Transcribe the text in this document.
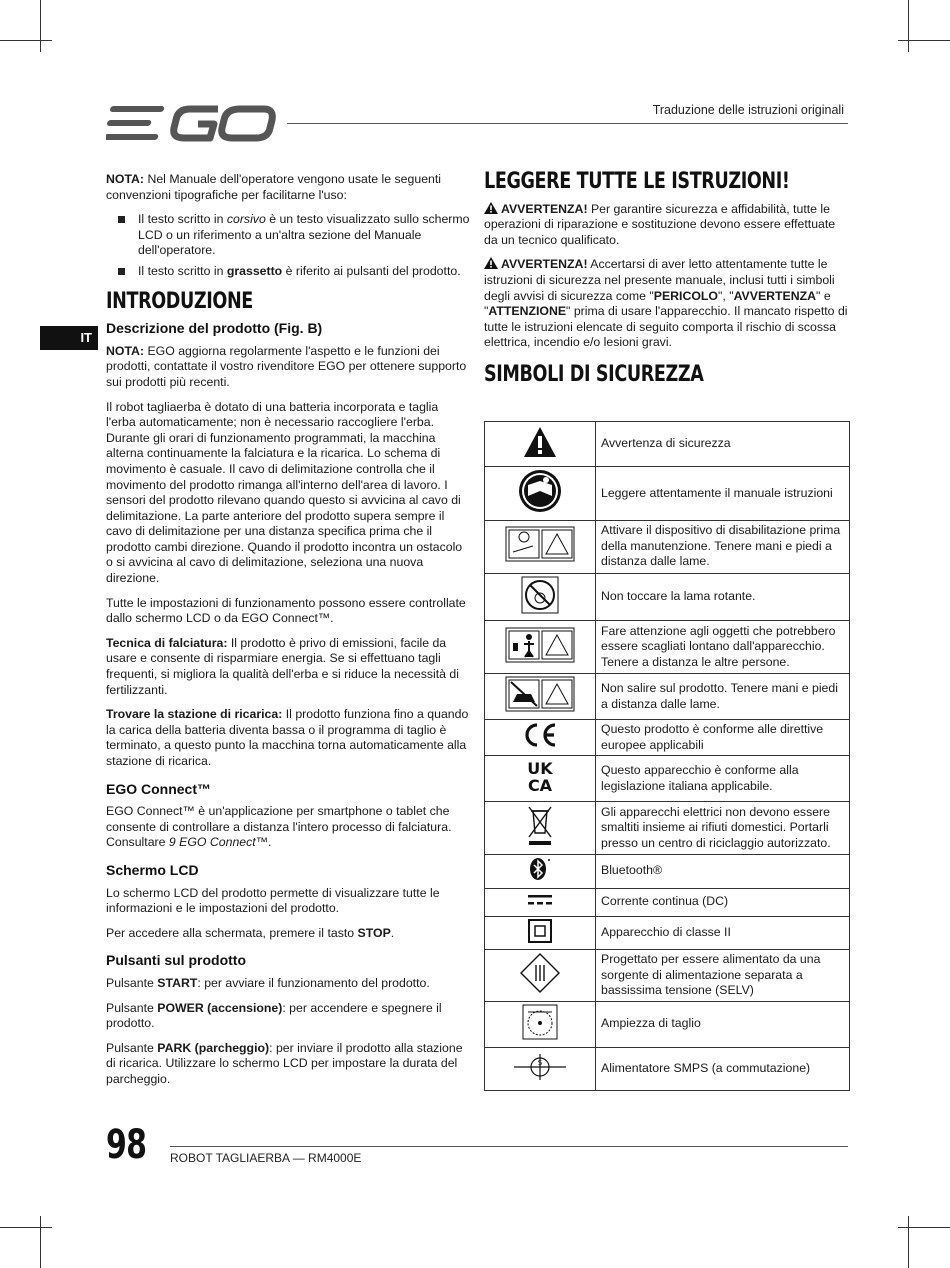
Traduzione delle istruzioni originali
IT

NOTA: Nel Manuale dell'operatore vengono usate le seguenti convenzioni tipografiche per facilitarne l'uso:

Il testo scritto in corsivo è un testo visualizzato sullo schermo LCD o un riferimento a un'altra sezione del Manuale dell'operatore.
Il testo scritto in grassetto è riferito ai pulsanti del prodotto.
INTRODUZIONE
Descrizione del prodotto (Fig. B)

NOTA: EGO aggiorna regolarmente l'aspetto e le funzioni dei prodotti, contattate il vostro rivenditore EGO per ottenere supporto sui prodotti più recenti.

Il robot tagliaerba è dotato di una batteria incorporata e taglia l'erba automaticamente; non è necessario raccogliere l'erba. Durante gli orari di funzionamento programmati, la macchina alterna continuamente la falciatura e la ricarica. Lo schema di movimento è casuale. Il cavo di delimitazione controlla che il movimento del prodotto rimanga all'interno dell'area di lavoro. I sensori del prodotto rilevano quando questo si avvicina al cavo di delimitazione. La parte anteriore del prodotto supera sempre il cavo di delimitazione per una distanza specifica prima che il prodotto cambi direzione. Quando il prodotto incontra un ostacolo o si avvicina al cavo di delimitazione, seleziona una nuova direzione.

Tutte le impostazioni di funzionamento possono essere controllate dallo schermo LCD o da EGO Connect™.

Tecnica di falciatura: Il prodotto è privo di emissioni, facile da usare e consente di risparmiare energia. Se si effettuano tagli frequenti, si migliora la qualità dell'erba e si riduce la necessità di fertilizzanti.

Trovare la stazione di ricarica: Il prodotto funziona fino a quando la carica della batteria diventa bassa o il programma di taglio è terminato, a questo punto la macchina torna automaticamente alla stazione di ricarica.

EGO Connect™

EGO Connect™ è un'applicazione per smartphone o tablet che consente di controllare a distanza l'intero processo di falciatura. Consultare 9 EGO Connect™.

Schermo LCD

Lo schermo LCD del prodotto permette di visualizzare tutte le informazioni e le impostazioni del prodotto.

Per accedere alla schermata, premere il tasto STOP.

Pulsanti sul prodotto

Pulsante START: per avviare il funzionamento del prodotto.

Pulsante POWER (accensione): per accendere e spegnere il prodotto.

Pulsante PARK (parcheggio): per inviare il prodotto alla stazione di ricarica. Utilizzare lo schermo LCD per impostare la durata del parcheggio.

LEGGERE TUTTE LE ISTRUZIONI!

AVVERTENZA! Per garantire sicurezza e affidabilità, tutte le operazioni di riparazione e sostituzione devono essere effettuate da un tecnico qualificato.

AVVERTENZA! Accertarsi di aver letto attentamente tutte le istruzioni di sicurezza nel presente manuale, inclusi tutti i simboli degli avvisi di sicurezza come "PERICOLO", "AVVERTENZA" e "ATTENZIONE" prima di usare l'apparecchio. Il mancato rispetto di tutte le istruzioni elencate di seguito comporta il rischio di scossa elettrica, incendio e/o lesioni gravi.

SIMBOLI DI SICUREZZA
	Avvertenza di sicurezza
	Leggere attentamente il manuale istruzioni
	Attivare il dispositivo di disabilitazione prima della manutenzione. Tenere mani e piedi a distanza dalle lame.
	Non toccare la lama rotante.
	Fare attenzione agli oggetti che potrebbero essere scagliati lontano dall'apparecchio. Tenere a distanza le altre persone.
	Non salire sul prodotto. Tenere mani e piedi a distanza dalle lame.
	Questo prodotto è conforme alle direttive europee applicabili

UK
CA	Questo apparecchio è conforme alla legislazione italiana applicabile.
	Gli apparecchi elettrici non devono essere smaltiti insieme ai rifiuti domestici. Portarli presso un centro di riciclaggio autorizzato.
	Bluetooth®
	Corrente continua (DC)
	Apparecchio di classe II
	Progettato per essere alimentato da una sorgente di alimentazione separata a bassissima tensione (SELV)
	Ampiezza di taglio

S	Alimentatore SMPS (a commutazione)
98 ROBOT TAGLIAERBA — RM4000E
